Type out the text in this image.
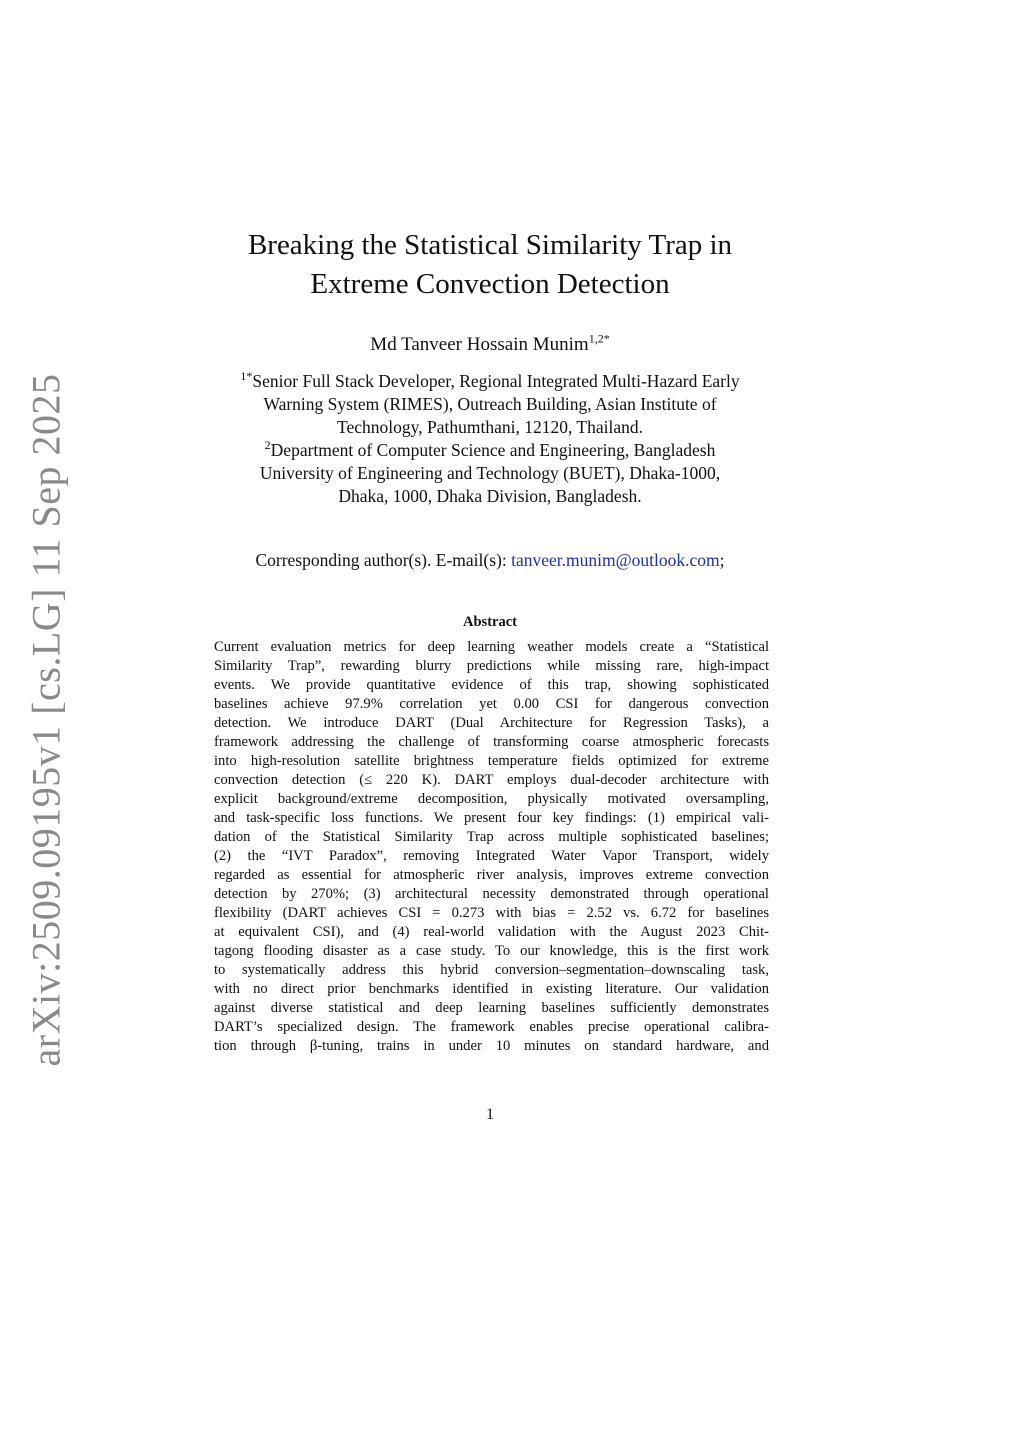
arXiv:2509.09195v1 [cs.LG] 11 Sep 2025
Breaking the Statistical Similarity Trap in
Extreme Convection Detection
Md Tanveer Hossain Munim$^{1,2*}$
$^{1*}$Senior Full Stack Developer, Regional Integrated Multi-Hazard Early
Warning System (RIMES), Outreach Building, Asian Institute of
Technology, Pathumthani, 12120, Thailand.
$^2$Department of Computer Science and Engineering, Bangladesh
University of Engineering and Technology (BUET), Dhaka-1000,
Dhaka, 1000, Dhaka Division, Bangladesh.
Corresponding author(s). E-mail(s): tanveer.munim@outlook.com;
Abstract
Current evaluation metrics for deep learning weather models create a “Statistical
Similarity Trap”, rewarding blurry predictions while missing rare, high-impact
events. We provide quantitative evidence of this trap, showing sophisticated
baselines achieve 97.9% correlation yet 0.00 CSI for dangerous convection
detection. We introduce DART (Dual Architecture for Regression Tasks), a
framework addressing the challenge of transforming coarse atmospheric forecasts
into high-resolution satellite brightness temperature fields optimized for extreme
convection detection (≤ 220 K). DART employs dual-decoder architecture with
explicit background/extreme decomposition, physically motivated oversampling,
and task-specific loss functions. We present four key findings: (1) empirical vali-
dation of the Statistical Similarity Trap across multiple sophisticated baselines;
(2) the “IVT Paradox”, removing Integrated Water Vapor Transport, widely
regarded as essential for atmospheric river analysis, improves extreme convection
detection by 270%; (3) architectural necessity demonstrated through operational
flexibility (DART achieves CSI = 0.273 with bias = 2.52 vs. 6.72 for baselines
at equivalent CSI), and (4) real-world validation with the August 2023 Chit-
tagong flooding disaster as a case study. To our knowledge, this is the first work
to systematically address this hybrid conversion–segmentation–downscaling task,
with no direct prior benchmarks identified in existing literature. Our validation
against diverse statistical and deep learning baselines sufficiently demonstrates
DART’s specialized design. The framework enables precise operational calibra-
tion through β-tuning, trains in under 10 minutes on standard hardware, and
1
